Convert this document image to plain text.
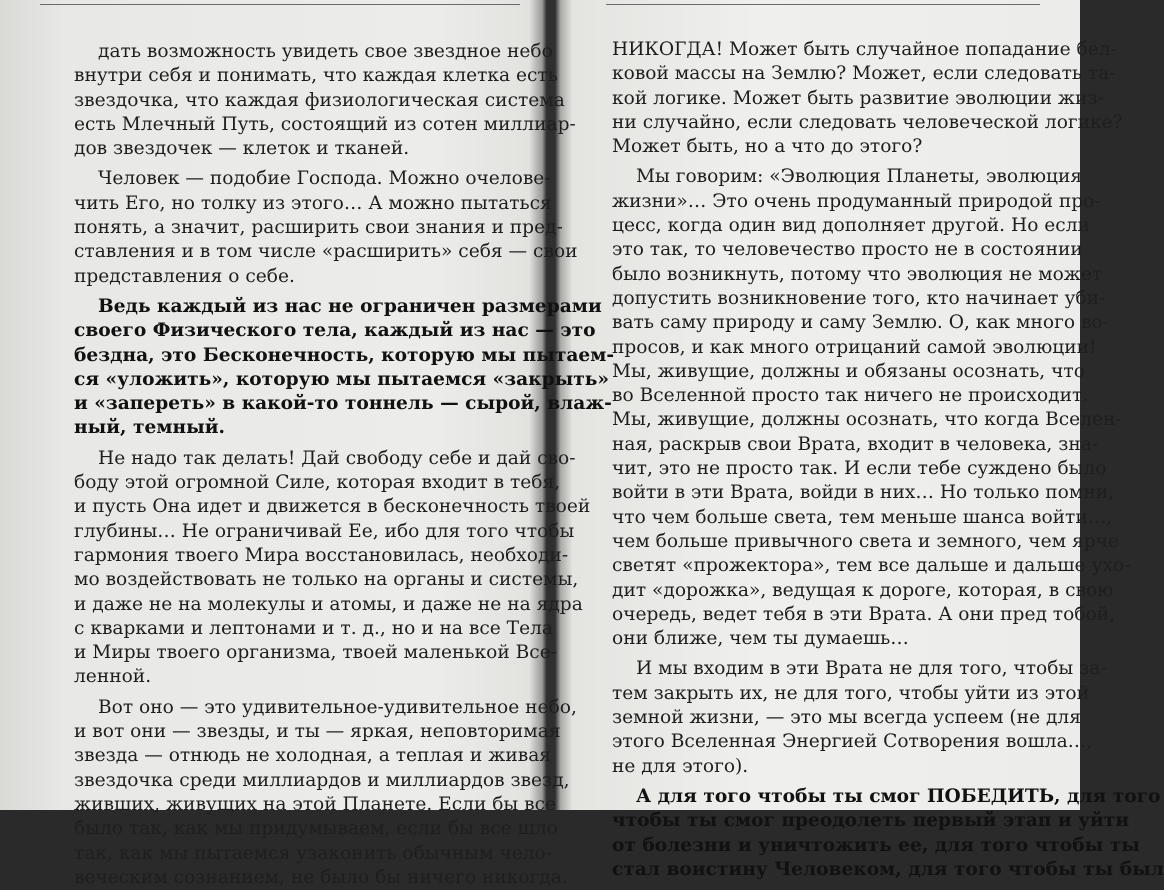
дать возможность увидеть свое звездное небо
внутри себя и понимать, что каждая клетка есть
звездочка, что каждая физиологическая система
есть Млечный Путь, состоящий из сотен миллиар-
дов звездочек — клеток и тканей.
Человек — подобие Господа. Можно очелове-
чить Его, но толку из этого… А можно пытаться
понять, а значит, расширить свои знания и пред-
ставления и в том числе «расширить» себя — свои
представления о себе.
Ведь каждый из нас не ограничен размерами
своего Физического тела, каждый из нас — это
бездна, это Бесконечность, которую мы пытаем-
ся «уложить», которую мы пытаемся «закрыть»
и «запереть» в какой-то тоннель — сырой, влаж-
ный, темный.
Не надо так делать! Дай свободу себе и дай сво-
боду этой огромной Силе, которая входит в тебя,
и пусть Она идет и движется в бесконечность твоей
глубины… Не ограничивай Ее, ибо для того чтобы
гармония твоего Мира восстановилась, необходи-
мо воздействовать не только на органы и системы,
и даже не на молекулы и атомы, и даже не на ядра
с кварками и лептонами и т. д., но и на все Тела
и Миры твоего организма, твоей маленькой Все-
ленной.
Вот оно — это удивительное-удивительное небо,
и вот они — звезды, и ты — яркая, неповторимая
звезда — отнюдь не холодная, а теплая и живая
звездочка среди миллиардов и миллиардов звезд,
живших, живущих на этой Планете. Если бы все
было так, как мы придумываем, если бы все шло
так, как мы пытаемся узаконить обычным чело-
веческим сознанием, не было бы ничего никогда.
НИКОГДА! Может быть случайное попадание бел-
ковой массы на Землю? Может, если следовать та-
кой логике. Может быть развитие эволюции жиз-
ни случайно, если следовать человеческой логике?
Может быть, но а что до этого?
Мы говорим: «Эволюция Планеты, эволюция
жизни»… Это очень продуманный природой про-
цесс, когда один вид дополняет другой. Но если
это так, то человечество просто не в состоянии
было возникнуть, потому что эволюция не может
допустить возникновение того, кто начинает уби-
вать саму природу и саму Землю. О, как много во-
просов, и как много отрицаний самой эволюции!
Мы, живущие, должны и обязаны осознать, что
во Вселенной просто так ничего не происходит.
Мы, живущие, должны осознать, что когда Вселен-
ная, раскрыв свои Врата, входит в человека, зна-
чит, это не просто так. И если тебе суждено было
войти в эти Врата, войди в них… Но только помни,
что чем больше света, тем меньше шанса войти…,
чем больше привычного света и земного, чем ярче
светят «прожектора», тем все дальше и дальше ухо-
дит «дорожка», ведущая к дороге, которая, в свою
очередь, ведет тебя в эти Врата. А они пред тобой,
они ближе, чем ты думаешь…
И мы входим в эти Врата не для того, чтобы за-
тем закрыть их, не для того, чтобы уйти из этой
земной жизни, — это мы всегда успеем (не для
этого Вселенная Энергией Сотворения вошла…,
не для этого).
А для того чтобы ты смог ПОБЕДИТЬ, для того
чтобы ты смог преодолеть первый этап и уйти
от болезни и уничтожить ее, для того чтобы ты
стал воистину Человеком, для того чтобы ты был
